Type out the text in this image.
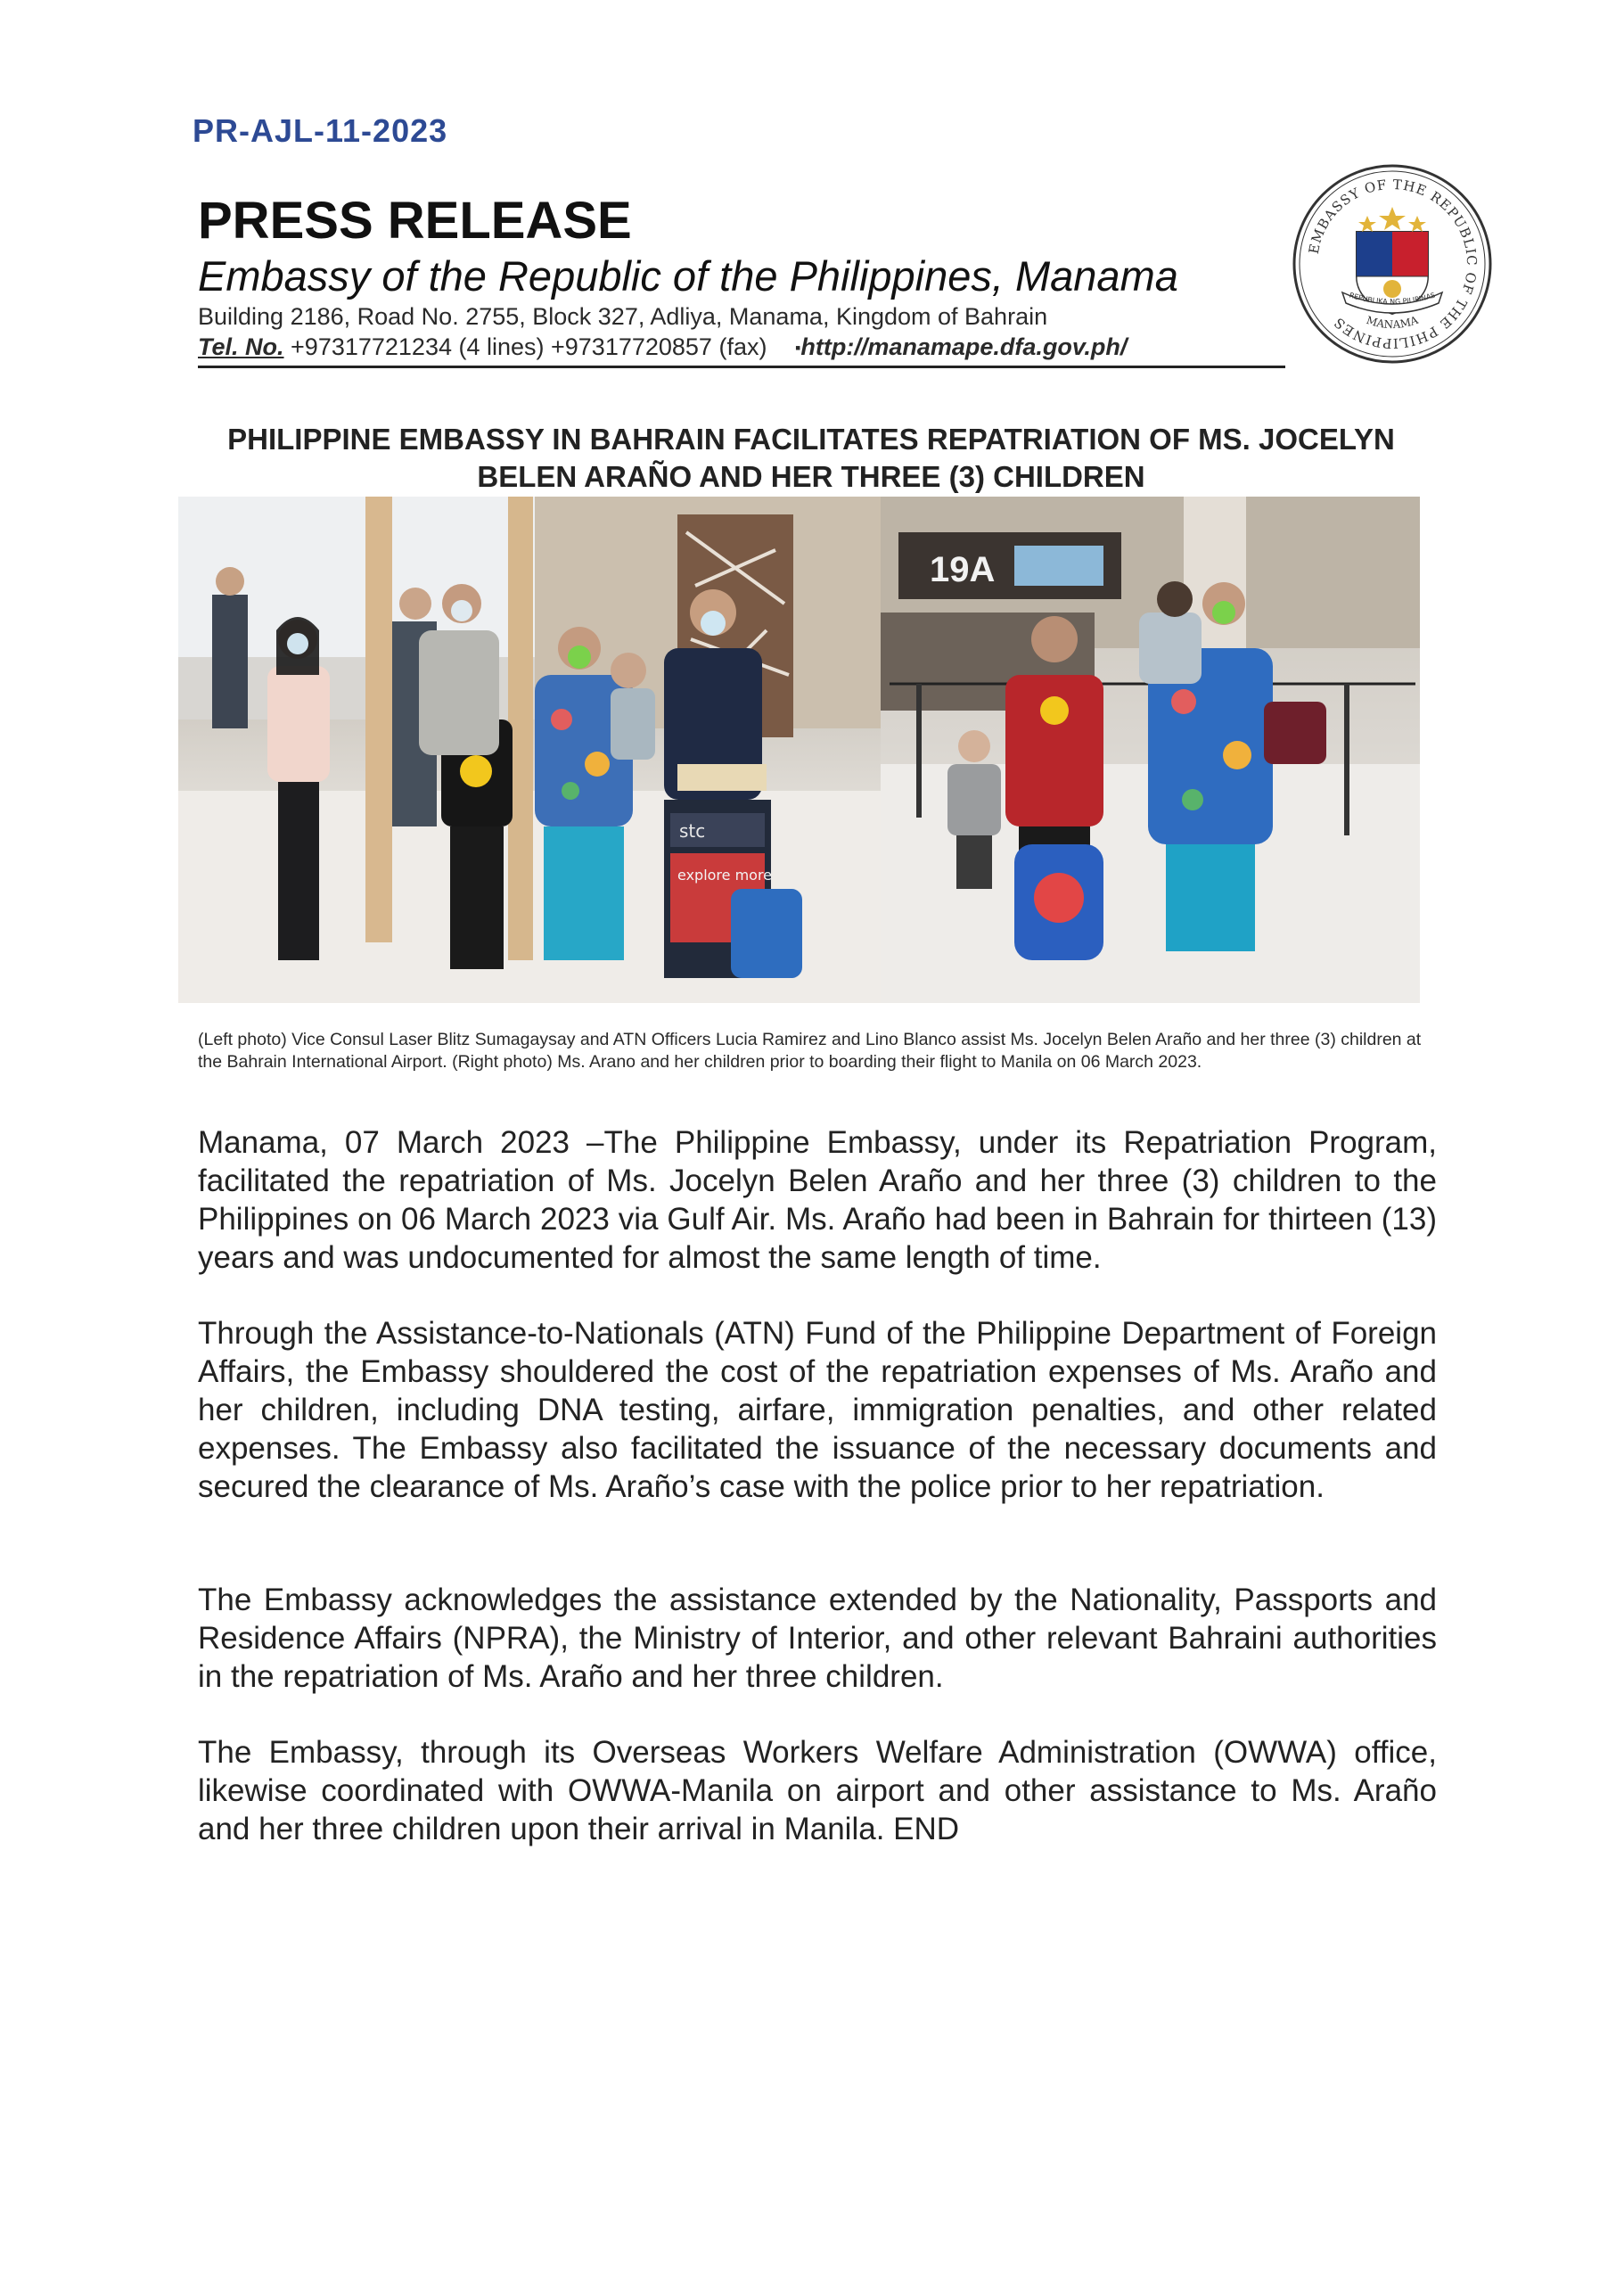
PR-AJL-11-2023
PRESS RELEASE
Embassy of the Republic of the Philippines, Manama
Building 2186, Road No. 2755, Block 327, Adliya, Manama, Kingdom of Bahrain
Tel. No. +97317721234 (4 lines) +97317720857 (fax) ▪http://manamape.dfa.gov.ph/
EMBASSY OF THE REPUBLIC OF THE PHILIPPINES	MANAMA
REPUBLIKA NG PILIPINAS
PHILIPPINE EMBASSY IN BAHRAIN FACILITATES REPATRIATION OF MS. JOCELYN
BELEN ARAÑO AND HER THREE (3) CHILDREN
stc
explore more
19A
(Left photo) Vice Consul Laser Blitz Sumagaysay and ATN Officers Lucia Ramirez and Lino Blanco assist Ms. Jocelyn Belen Araño and her three (3) children at the Bahrain International Airport. (Right photo) Ms. Arano and her children prior to boarding their flight to Manila on 06 March 2023.
Manama, 07 March 2023 –The Philippine Embassy, under its Repatriation Program, facilitated the repatriation of Ms. Jocelyn Belen Araño and her three (3) children to the Philippines on 06 March 2023 via Gulf Air. Ms. Araño had been in Bahrain for thirteen (13) years and was undocumented for almost the same length of time.
Through the Assistance-to-Nationals (ATN) Fund of the Philippine Department of Foreign Affairs, the Embassy shouldered the cost of the repatriation expenses of Ms. Araño and her children, including DNA testing, airfare, immigration penalties, and other related expenses. The Embassy also facilitated the issuance of the necessary documents and secured the clearance of Ms. Araño’s case with the police prior to her repatriation.
The Embassy acknowledges the assistance extended by the Nationality, Passports and Residence Affairs (NPRA), the Ministry of Interior, and other relevant Bahraini authorities in the repatriation of Ms. Araño and her three children.
The Embassy, through its Overseas Workers Welfare Administration (OWWA) office, likewise coordinated with OWWA-Manila on airport and other assistance to Ms. Araño and her three children upon their arrival in Manila. END
